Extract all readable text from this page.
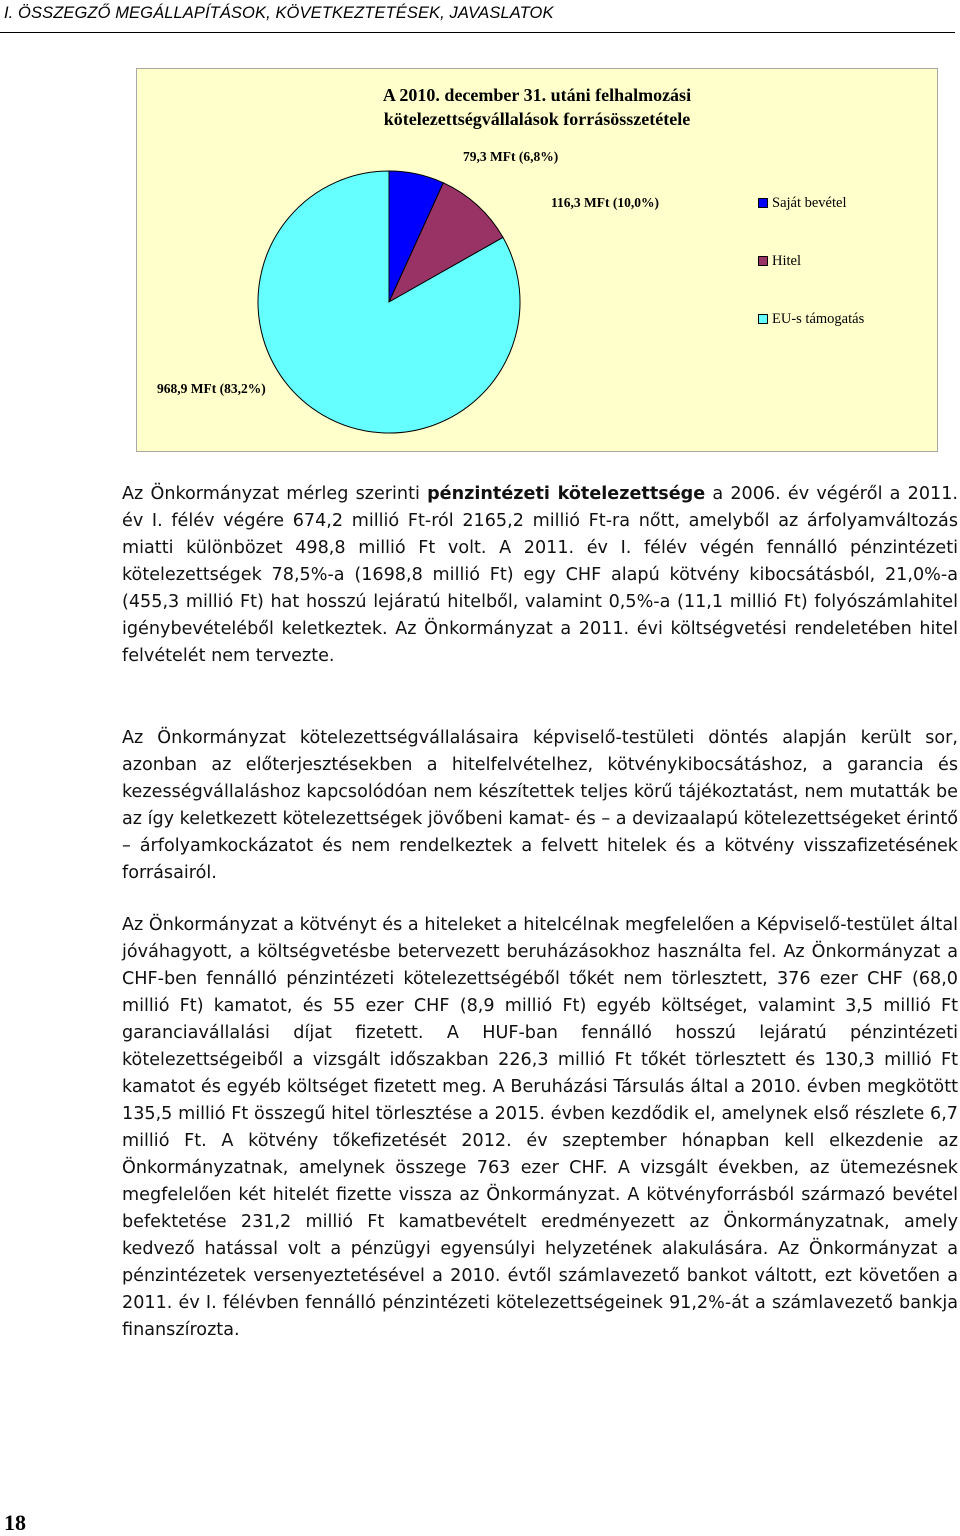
I. ÖSSZEGZŐ MEGÁLLAPÍTÁSOK, KÖVETKEZTETÉSEK, JAVASLATOK
A 2010. december 31. utáni felhalmozási
kötelezettségvállalások forrásösszetétele
79,3 MFt (6,8%)
116,3 MFt (10,0%)
968,9 MFt (83,2%)
Saját bevétel
Hitel
EU-s támogatás

Az Önkormányzat mérleg szerinti pénzintézeti kötelezettsége a 2006. év végéről a 2011. év I. félév végére 674,2 millió Ft-ról 2165,2 millió Ft-ra nőtt, amelyből az árfolyamváltozás miatti különbözet 498,8 millió Ft volt. A 2011. év I. félév végén fennálló pénzintézeti kötelezettségek 78,5%-a (1698,8 millió Ft) egy CHF alapú kötvény kibocsátásból, 21,0%-a (455,3 millió Ft) hat hosszú lejáratú hitelből, valamint 0,5%-a (11,1 millió Ft) folyószámlahitel igénybevételéből keletkeztek. Az Önkormányzat a 2011. évi költségvetési rendeletében hitel felvételét nem tervezte.

Az Önkormányzat kötelezettségvállalásaira képviselő-testületi döntés alapján került sor, azonban az előterjesztésekben a hitelfelvételhez, kötvénykibocsátáshoz, a garancia és kezességvállaláshoz kapcsolódóan nem készítettek teljes körű tájékoztatást, nem mutatták be az így keletkezett kötelezettségek jövőbeni kamat- és – a devizaalapú kötelezettségeket érintő – árfolyamkockázatot és nem rendelkeztek a felvett hitelek és a kötvény visszafizetésének forrásairól.

Az Önkormányzat a kötvényt és a hiteleket a hitelcélnak megfelelően a Képviselő-testület által jóváhagyott, a költségvetésbe betervezett beruházásokhoz használta fel. Az Önkormányzat a CHF-ben fennálló pénzintézeti kötelezettségéből tőkét nem törlesztett, 376 ezer CHF (68,0 millió Ft) kamatot, és 55 ezer CHF (8,9 millió Ft) egyéb költséget, valamint 3,5 millió Ft garanciavállalási díjat fizetett. A HUF-ban fennálló hosszú lejáratú pénzintézeti kötelezettségeiből a vizsgált időszakban 226,3 millió Ft tőkét törlesztett és 130,3 millió Ft kamatot és egyéb költséget fizetett meg. A Beruházási Társulás által a 2010. évben megkötött 135,5 millió Ft összegű hitel törlesztése a 2015. évben kezdődik el, amelynek első részlete 6,7 millió Ft. A kötvény tőkefizetését 2012. év szeptember hónapban kell elkezdenie az Önkormányzatnak, amelynek összege 763 ezer CHF. A vizsgált években, az ütemezésnek megfelelően két hitelét fizette vissza az Önkormányzat. A kötvényforrásból származó bevétel befektetése 231,2 millió Ft kamatbevételt eredményezett az Önkormányzatnak, amely kedvező hatással volt a pénzügyi egyensúlyi helyzetének alakulására. Az Önkormányzat a pénzintézetek versenyeztetésével a 2010. évtől számlavezető bankot váltott, ezt követően a 2011. év I. félévben fennálló pénzintézeti kötelezettségeinek 91,2%-át a számlavezető bankja finanszírozta.

18
